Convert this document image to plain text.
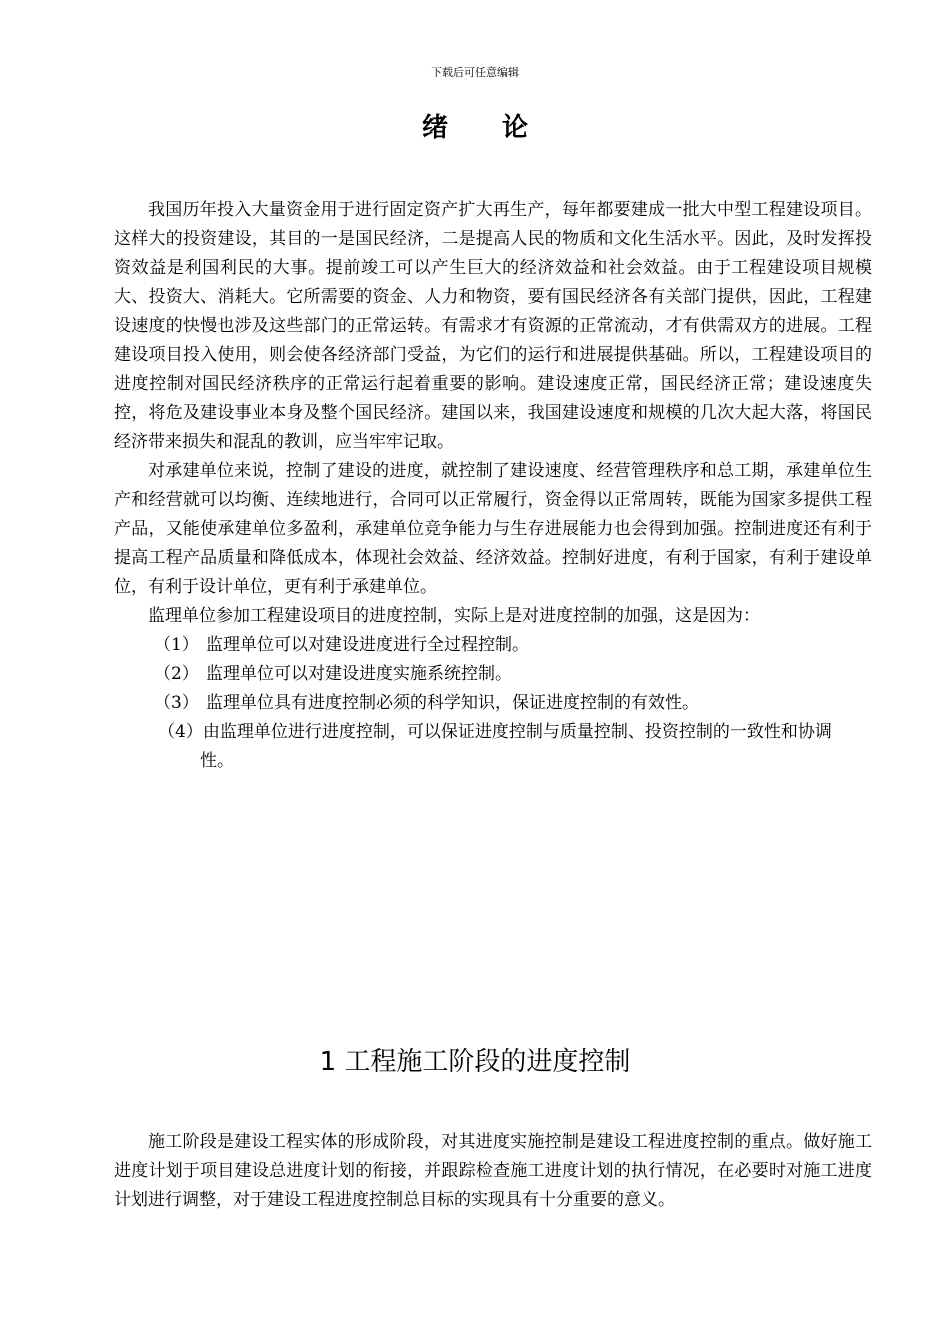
下载后可任意编辑
绪论

我国历年投入大量资金用于进行固定资产扩大再生产，每年都要建成一批大中型工程建设项目。这样大的投资建设，其目的一是国民经济，二是提高人民的物质和文化生活水平。因此，及时发挥投资效益是利国利民的大事。提前竣工可以产生巨大的经济效益和社会效益。由于工程建设项目规模大、投资大、消耗大。它所需要的资金、人力和物资，要有国民经济各有关部门提供，因此，工程建设速度的快慢也涉及这些部门的正常运转。有需求才有资源的正常流动，才有供需双方的进展。工程建设项目投入使用，则会使各经济部门受益，为它们的运行和进展提供基础。所以，工程建设项目的进度控制对国民经济秩序的正常运行起着重要的影响。建设速度正常，国民经济正常；建设速度失控，将危及建设事业本身及整个国民经济。建国以来，我国建设速度和规模的几次大起大落，将国民经济带来损失和混乱的教训，应当牢牢记取。

对承建单位来说，控制了建设的进度，就控制了建设速度、经营管理秩序和总工期，承建单位生产和经营就可以均衡、连续地进行，合同可以正常履行，资金得以正常周转，既能为国家多提供工程产品，又能使承建单位多盈利，承建单位竞争能力与生存进展能力也会得到加强。控制进度还有利于提高工程产品质量和降低成本，体现社会效益、经济效益。控制好进度，有利于国家，有利于建设单位，有利于设计单位，更有利于承建单位。

监理单位参加工程建设项目的进度控制，实际上是对进度控制的加强，这是因为：

（1） 监理单位可以对建设进度进行全过程控制。

（2） 监理单位可以对建设进度实施系统控制。

（3） 监理单位具有进度控制必须的科学知识，保证进度控制的有效性。

（4）由监理单位进行进度控制，可以保证进度控制与质量控制、投资控制的一致性和协调性。

1 工程施工阶段的进度控制

施工阶段是建设工程实体的形成阶段，对其进度实施控制是建设工程进度控制的重点。做好施工进度计划于项目建设总进度计划的衔接，并跟踪检查施工进度计划的执行情况，在必要时对施工进度计划进行调整，对于建设工程进度控制总目标的实现具有十分重要的意义。
